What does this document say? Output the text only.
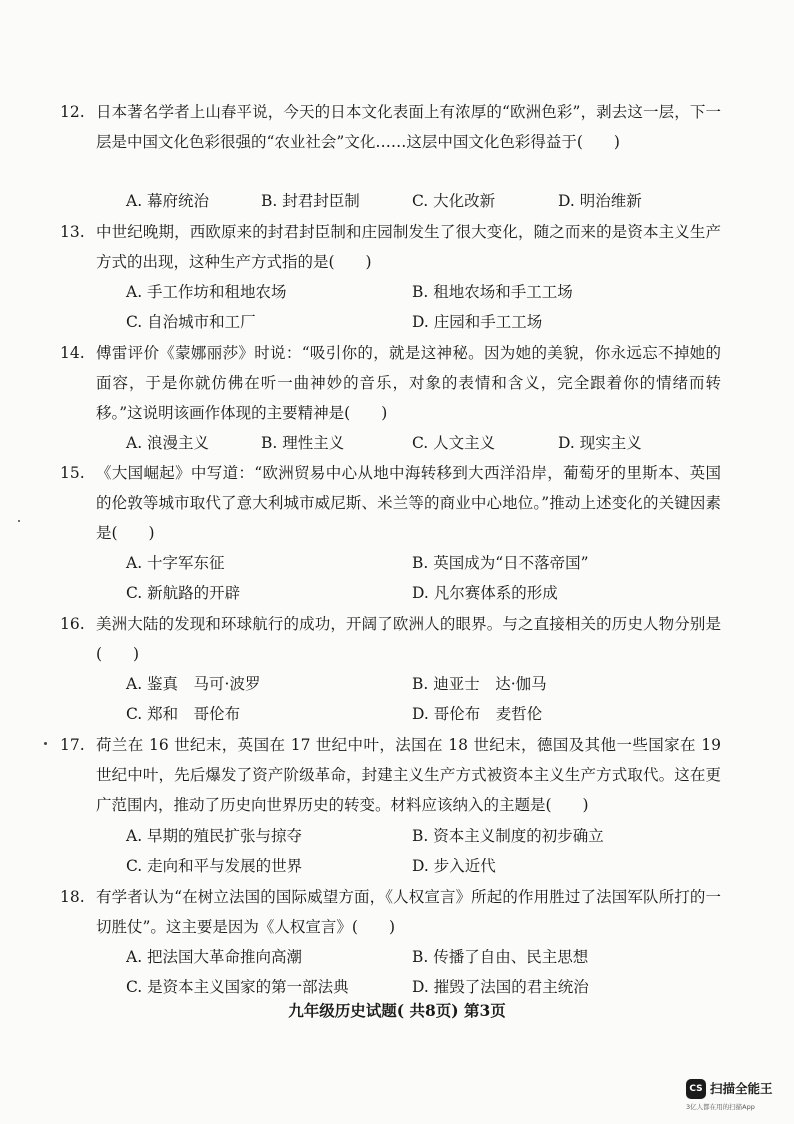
12. 日本著名学者上山春平说，今天的日本文化表面上有浓厚的“欧洲色彩”，剥去这一层，下一层是中国文化色彩很强的“农业社会”文化……这层中国文化色彩得益于(　　)
A. 幕府统治	B. 封君封臣制	C. 大化改新	D. 明治维新
13. 中世纪晚期，西欧原来的封君封臣制和庄园制发生了很大变化，随之而来的是资本主义生产方式的出现，这种生产方式指的是(　　)
A. 手工作坊和租地农场	B. 租地农场和手工工场
C. 自治城市和工厂	D. 庄园和手工工场
14. 傅雷评价《蒙娜丽莎》时说：“吸引你的，就是这神秘。因为她的美貌，你永远忘不掉她的面容，于是你就仿佛在听一曲神妙的音乐，对象的表情和含义，完全跟着你的情绪而转移。”这说明该画作体现的主要精神是(　　)
A. 浪漫主义	B. 理性主义	C. 人文主义	D. 现实主义
15. 《大国崛起》中写道：“欧洲贸易中心从地中海转移到大西洋沿岸，葡萄牙的里斯本、英国的伦敦等城市取代了意大利城市威尼斯、米兰等的商业中心地位。”推动上述变化的关键因素是(　　)
A. 十字军东征	B. 英国成为“日不落帝国”
C. 新航路的开辟	D. 凡尔赛体系的形成
16. 美洲大陆的发现和环球航行的成功，开阔了欧洲人的眼界。与之直接相关的历史人物分别是(　　)
A. 鉴真　马可·波罗	B. 迪亚士　达·伽马
C. 郑和　哥伦布	D. 哥伦布　麦哲伦
17. 荷兰在 16 世纪末，英国在 17 世纪中叶，法国在 18 世纪末，德国及其他一些国家在 19 世纪中叶，先后爆发了资产阶级革命，封建主义生产方式被资本主义生产方式取代。这在更广范围内，推动了历史向世界历史的转变。材料应该纳入的主题是(　　)
A. 早期的殖民扩张与掠夺	B. 资本主义制度的初步确立
C. 走向和平与发展的世界	D. 步入近代
18. 有学者认为“在树立法国的国际威望方面，《人权宣言》所起的作用胜过了法国军队所打的一切胜仗”。这主要是因为《人权宣言》(　　)
A. 把法国大革命推向高潮	B. 传播了自由、民主思想
C. 是资本主义国家的第一部法典	D. 摧毁了法国的君主统治
九年级历史试题( 共8页) 第3页
CS 扫描全能王
3亿人都在用的扫描App
